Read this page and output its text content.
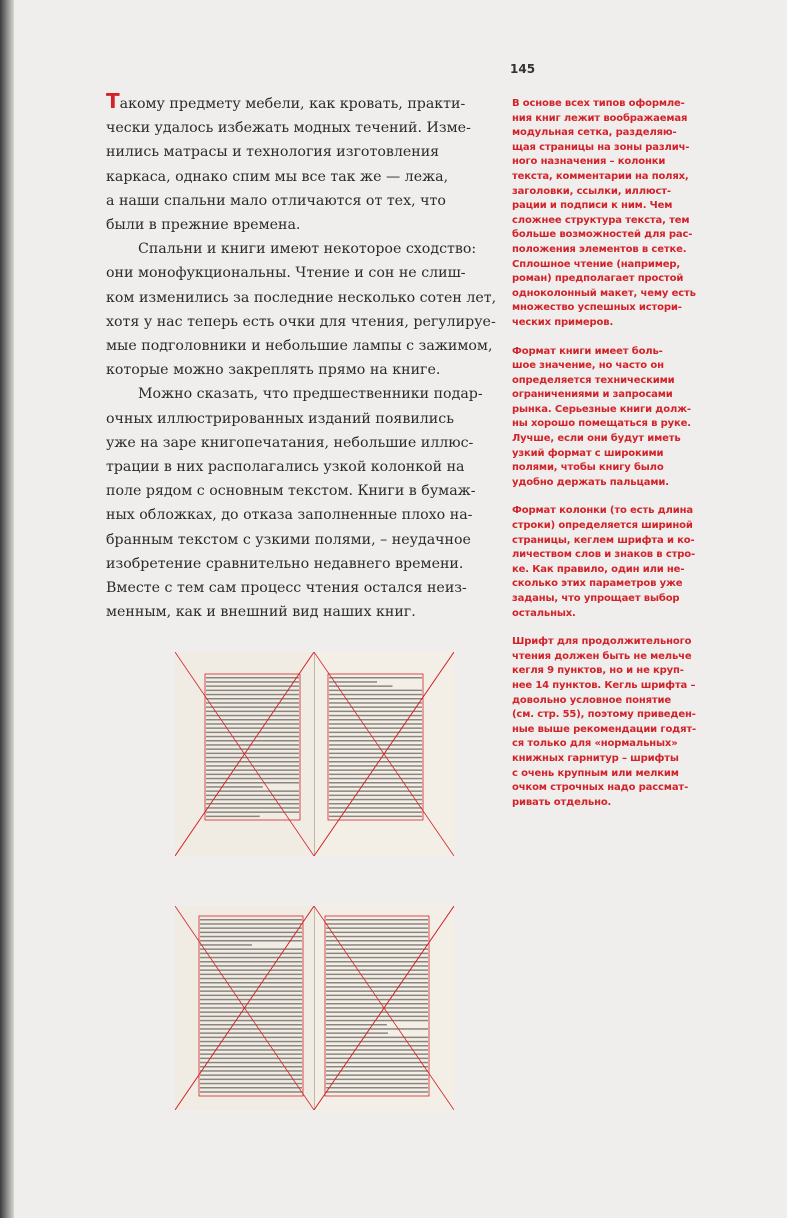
145
Такому предмету мебели, как кровать, практи-
чески удалось избежать модных течений. Изме-
нились матрасы и технология изготовления
каркаса, однако спим мы все так же — лежа,
а наши спальни мало отличаются от тех, что
были в прежние времена.
Спальни и книги имеют некоторое сходство:
они монофукциональны. Чтение и сон не слиш-
ком изменились за последние несколько сотен лет,
хотя у нас теперь есть очки для чтения, регулируе-
мые подголовники и небольшие лампы с зажимом,
которые можно закреплять прямо на книге.
Можно сказать, что предшественники подар-
очных иллюстрированных изданий появились
уже на заре книгопечатания, небольшие иллюс-
трации в них располагались узкой колонкой на
поле рядом с основным текстом. Книги в бумаж-
ных обложках, до отказа заполненные плохо на-
бранным текстом с узкими полями, – неудачное
изобретение сравнительно недавнего времени.
Вместе с тем сам процесс чтения остался неиз-
менным, как и внешний вид наших книг.
В основе всех типов оформле-
ния книг лежит воображаемая
модульная сетка, разделяю-
щая страницы на зоны различ-
ного назначения – колонки
текста, комментарии на полях,
заголовки, ссылки, иллюст-
рации и подписи к ним. Чем
сложнее структура текста, тем
больше возможностей для рас-
положения элементов в сетке.
Сплошное чтение (например,
роман) предполагает простой
одноколонный макет, чему есть
множество успешных истори-
ческих примеров.
Формат книги имеет боль-
шое значение, но часто он
определяется техническими
ограничениями и запросами
рынка. Серьезные книги долж-
ны хорошо помещаться в руке.
Лучше, если они будут иметь
узкий формат с широкими
полями, чтобы книгу было
удобно держать пальцами.
Формат колонки (то есть длина
строки) определяется шириной
страницы, кеглем шрифта и ко-
личеством слов и знаков в стро-
ке. Как правило, один или не-
сколько этих параметров уже
заданы, что упрощает выбор
остальных.
Шрифт для продолжительного
чтения должен быть не мельче
кегля 9 пунктов, но и не круп-
нее 14 пунктов. Кегль шрифта –
довольно условное понятие
(см. стр. 55), поэтому приведен-
ные выше рекомендации годят-
ся только для «нормальных»
книжных гарнитур – шрифты
с очень крупным или мелким
очком строчных надо рассмат-
ривать отдельно.
